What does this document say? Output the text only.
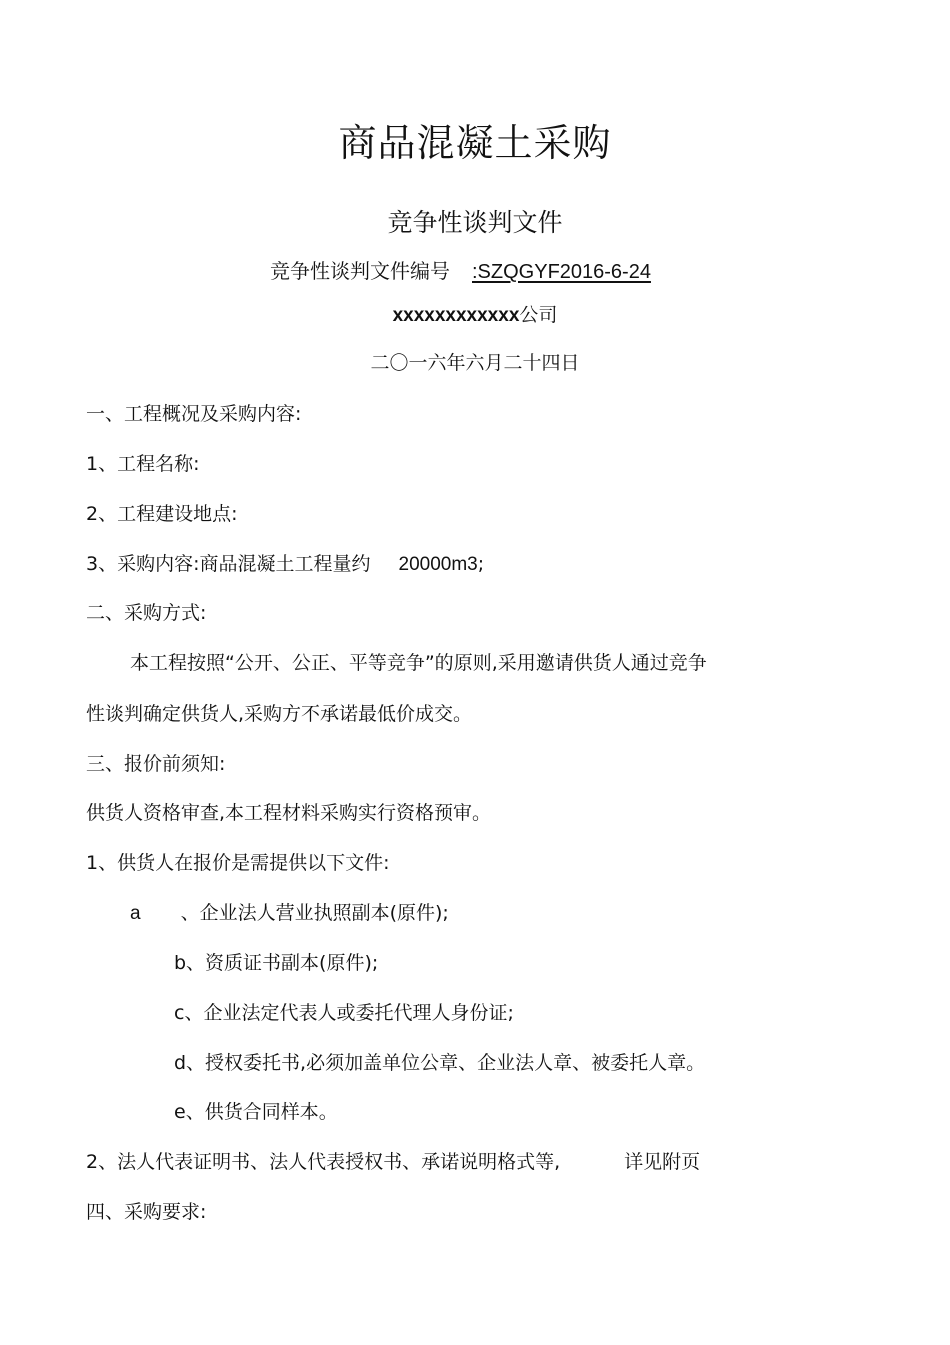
商品混凝土采购
竞争性谈判文件
竞争性谈判文件编号 :SZQGYF2016-6-24
xxxxxxxxxxxx公司
二〇一六年六月二十四日
一、工程概况及采购内容:
1、工程名称:
2、工程建设地点:
3、采购内容:商品混凝土工程量约 20000m3;
二、采购方式:
本工程按照“公开、公正、平等竞争”的原则,采用邀请供货人通过竞争
性谈判确定供货人,采购方不承诺最低价成交。
三、报价前须知:
供货人资格审查,本工程材料采购实行资格预审。
1、供货人在报价是需提供以下文件:
a 、企业法人营业执照副本(原件);
b、资质证书副本(原件);
c、企业法定代表人或委托代理人身份证;
d、授权委托书,必须加盖单位公章、企业法人章、被委托人章。
e、供货合同样本。
2、法人代表证明书、法人代表授权书、承诺说明格式等,	详见附页
四、采购要求:
